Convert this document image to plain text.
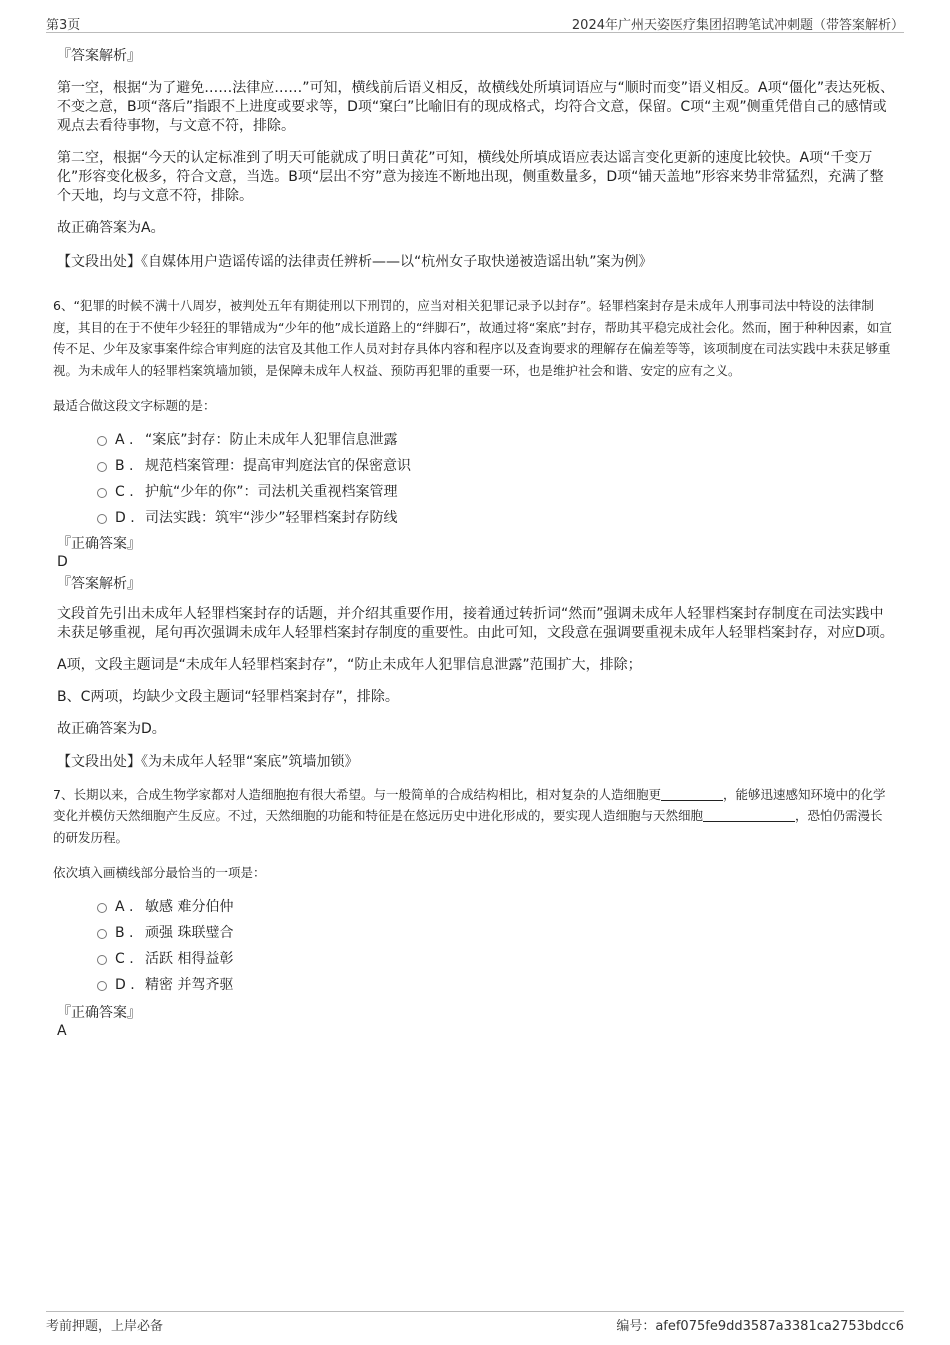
第3页	2024年广州天姿医疗集团招聘笔试冲刺题（带答案解析）

『答案解析』

第一空，根据“为了避免……法律应……”可知，横线前后语义相反，故横线处所填词语应与“顺时而变”语义相反。A项“僵化”表达死板、不变之意，B项“落后”指跟不上进度或要求等，D项“窠臼”比喻旧有的现成格式，均符合文意，保留。C项“主观”侧重凭借自己的感情或观点去看待事物，与文意不符，排除。

第二空，根据“今天的认定标准到了明天可能就成了明日黄花”可知，横线处所填成语应表达谣言变化更新的速度比较快。A项“千变万化”形容变化极多，符合文意，当选。B项“层出不穷”意为接连不断地出现，侧重数量多，D项“铺天盖地”形容来势非常猛烈，充满了整个天地，均与文意不符，排除。

故正确答案为A。

【文段出处】《自媒体用户造谣传谣的法律责任辨析——以“杭州女子取快递被造谣出轨”案为例》

6、“犯罪的时候不满十八周岁，被判处五年有期徒刑以下刑罚的，应当对相关犯罪记录予以封存”。轻罪档案封存是未成年人刑事司法中特设的法律制度，其目的在于不使年少轻狂的罪错成为“少年的他”成长道路上的“绊脚石”，故通过将“案底”封存，帮助其平稳完成社会化。然而，囿于种种因素，如宣传不足、少年及家事案件综合审判庭的法官及其他工作人员对封存具体内容和程序以及查询要求的理解存在偏差等等，该项制度在司法实践中未获足够重视。为未成年人的轻罪档案筑墙加锁，是保障未成年人权益、预防再犯罪的重要一环，也是维护社会和谐、安定的应有之义。

最适合做这段文字标题的是：

A . “案底”封存：防止未成年人犯罪信息泄露
B . 规范档案管理：提高审判庭法官的保密意识
C . 护航“少年的你”：司法机关重视档案管理
D . 司法实践：筑牢“涉少”轻罪档案封存防线

『正确答案』

D

『答案解析』

文段首先引出未成年人轻罪档案封存的话题，并介绍其重要作用，接着通过转折词“然而”强调未成年人轻罪档案封存制度在司法实践中未获足够重视，尾句再次强调未成年人轻罪档案封存制度的重要性。由此可知，文段意在强调要重视未成年人轻罪档案封存，对应D项。

A项，文段主题词是“未成年人轻罪档案封存”，“防止未成年人犯罪信息泄露”范围扩大，排除；

B、C两项，均缺少文段主题词“轻罪档案封存”，排除。

故正确答案为D。

【文段出处】《为未成年人轻罪“案底”筑墙加锁》

7、长期以来，合成生物学家都对人造细胞抱有很大希望。与一般简单的合成结构相比，相对复杂的人造细胞更	，能够迅速感知环境中的化学变化并模仿天然细胞产生反应。不过，天然细胞的功能和特征是在悠远历史中进化形成的，要实现人造细胞与天然细胞	，恐怕仍需漫长的研发历程。

依次填入画横线部分最恰当的一项是：

A . 敏感 难分伯仲
B . 顽强 珠联璧合
C . 活跃 相得益彰
D . 精密 并驾齐驱

『正确答案』

A

考前押题，上岸必备	编号：afef075fe9dd3587a3381ca2753bdcc6
